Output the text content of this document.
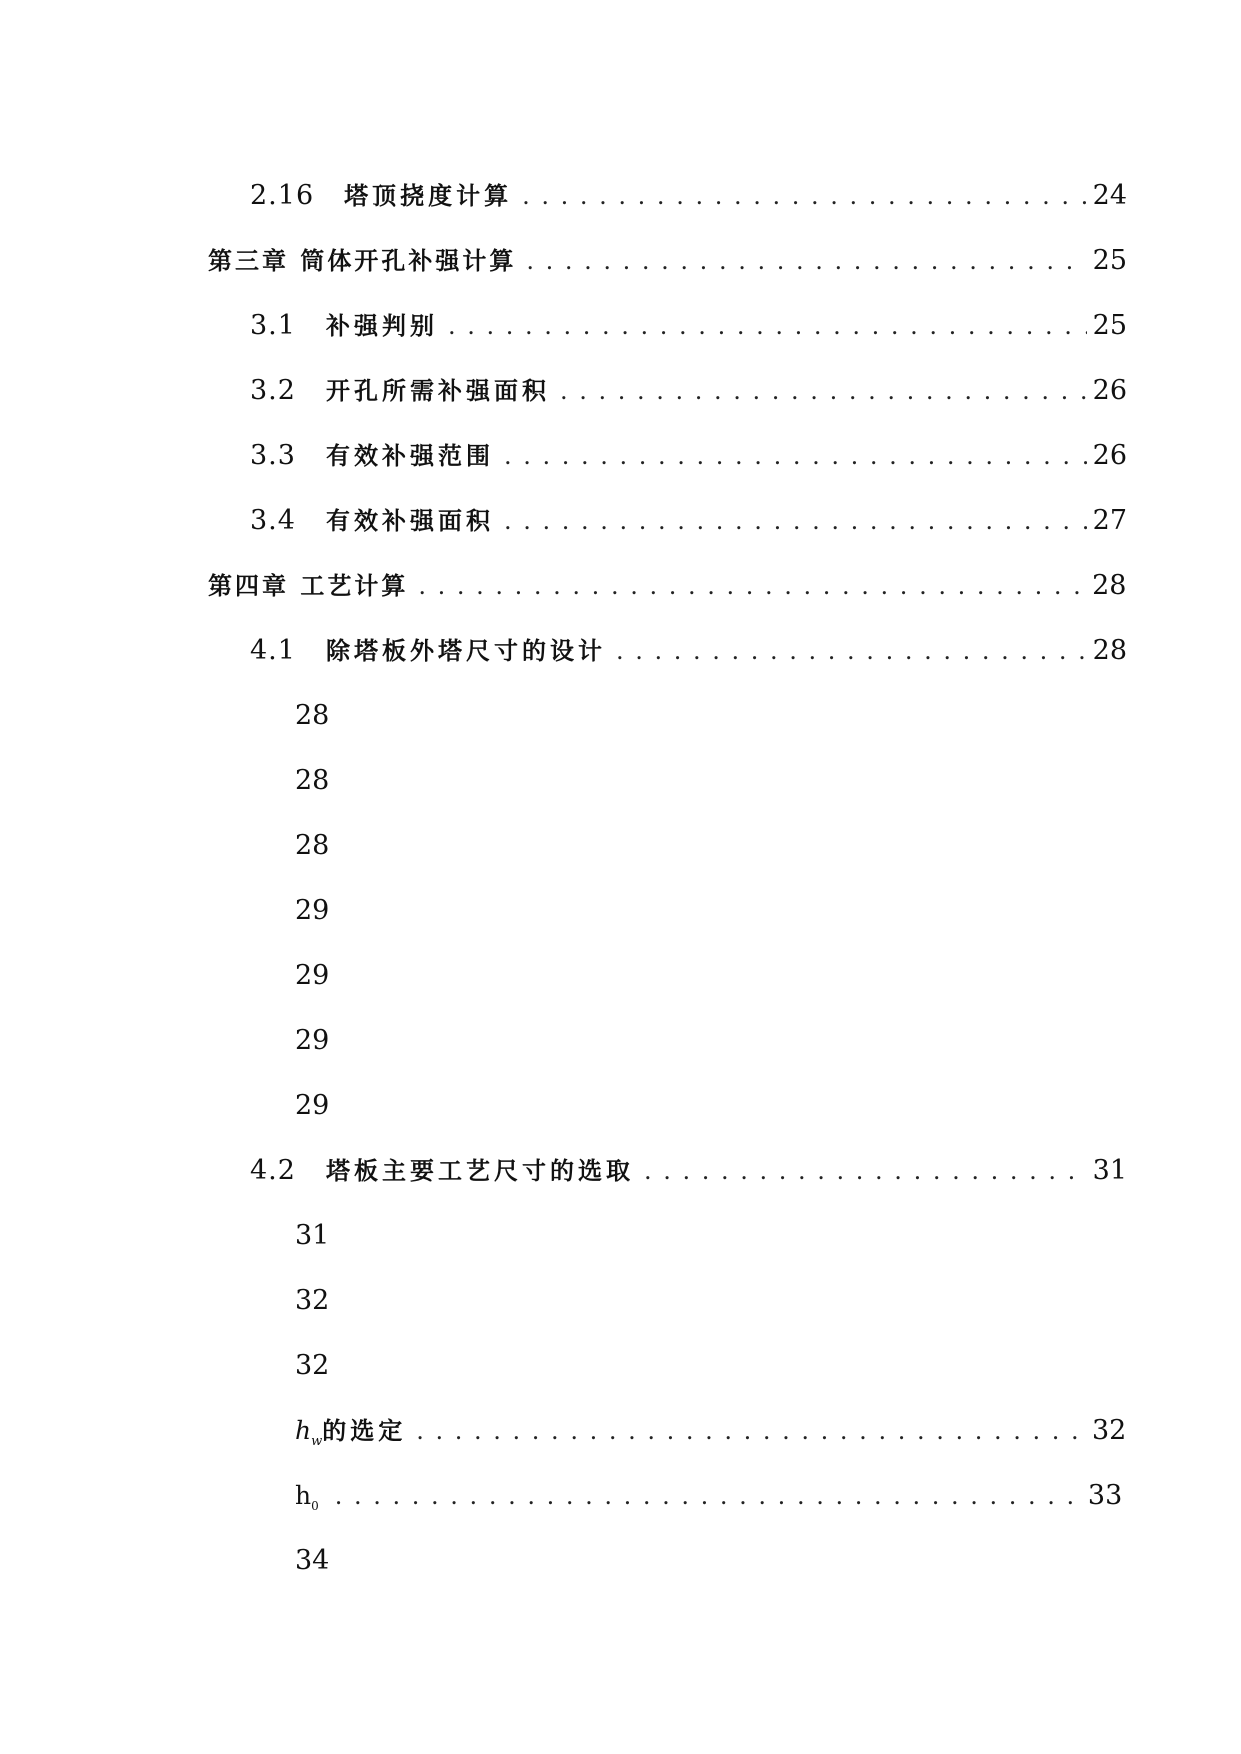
2.16 塔顶挠度计算 . . .	24
第三章 筒体开孔补强计算 . . .	25
3.1 补强判别 . . .	25
3.2 开孔所需补强面积 . . .	26
3.3 有效补强范围 . . .	26
3.4 有效补强面积 . . .	27
第四章 工艺计算 . . .	28
4.1 除塔板外塔尺寸的设计 . . .	28
28
28
28
29
29
29
29
4.2 塔板主要工艺尺寸的选取 . . .	31
31
32
32
$h_w$ 的选定 . . .	32
$h_0$ . . .	33
34
